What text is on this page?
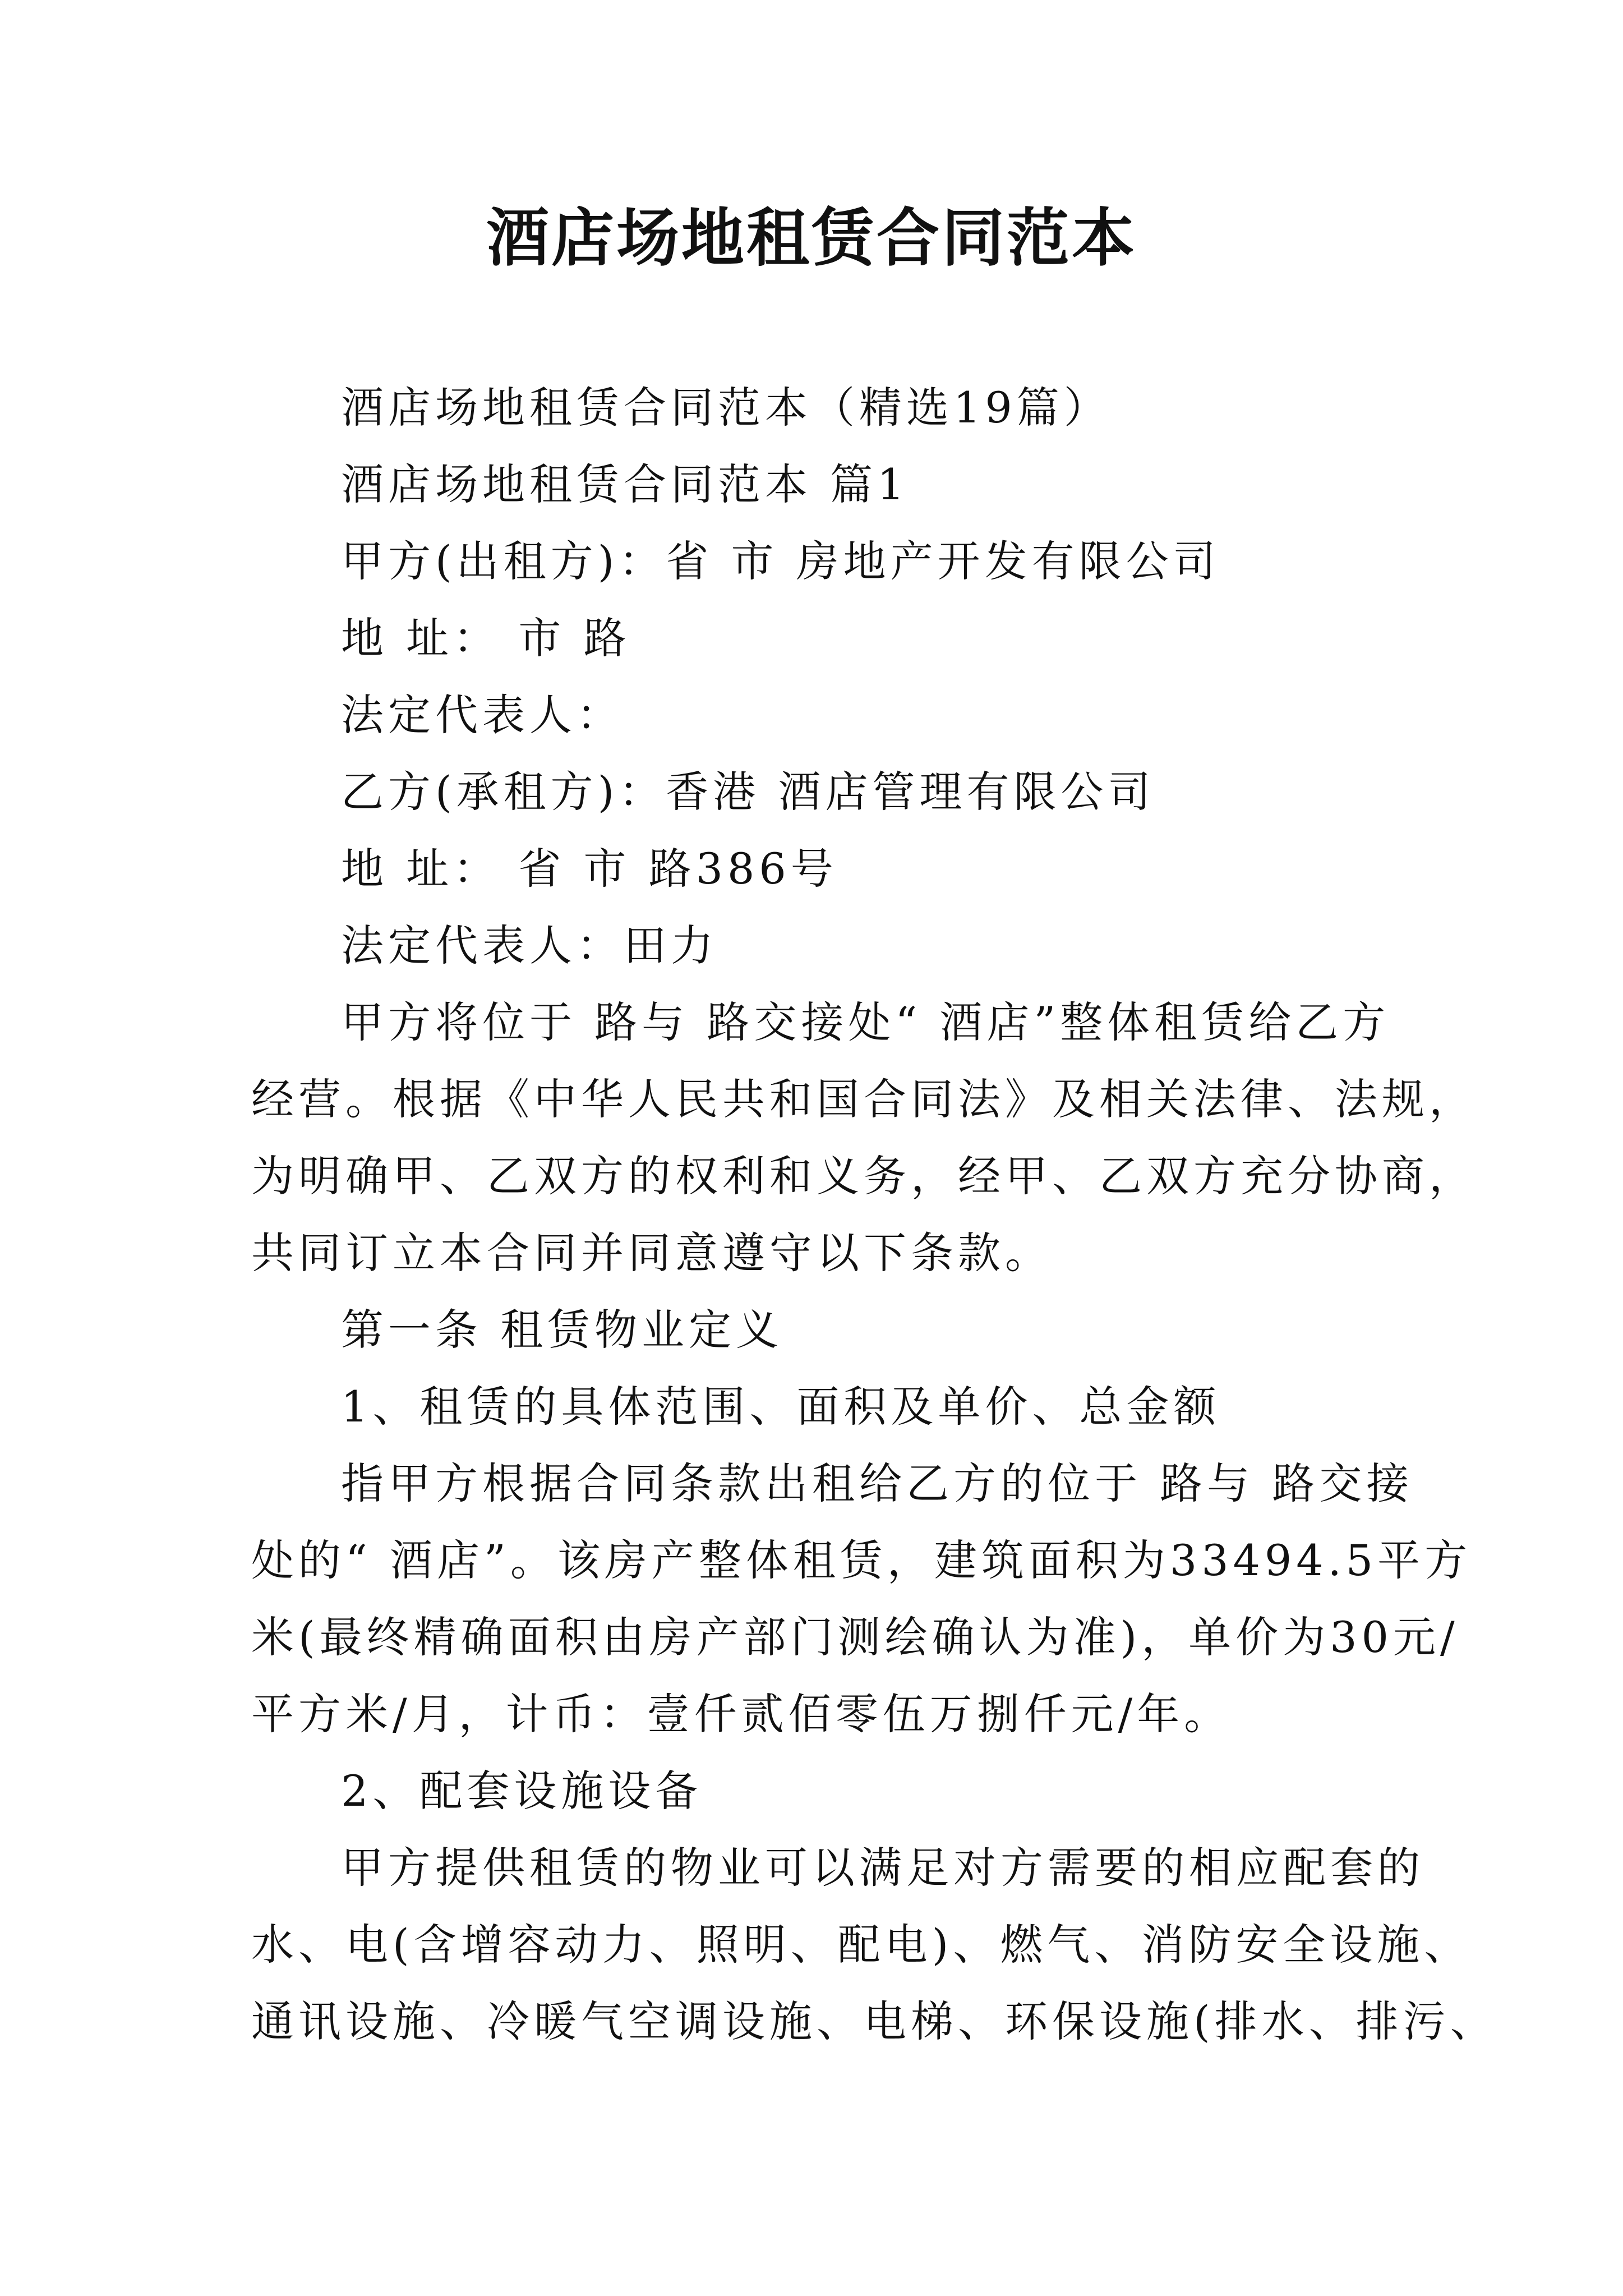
酒店场地租赁合同范本

酒店场地租赁合同范本（精选19篇）

酒店场地租赁合同范本 篇1

甲方(出租方)：省 市 房地产开发有限公司

地 址： 市 路

法定代表人：

乙方(承租方)：香港 酒店管理有限公司

地 址： 省 市 路386号

法定代表人：田力

甲方将位于 路与 路交接处“ 酒店”整体租赁给乙方

经营。根据《中华人民共和国合同法》及相关法律、法规，

为明确甲、乙双方的权利和义务，经甲、乙双方充分协商，

共同订立本合同并同意遵守以下条款。

第一条 租赁物业定义

1、租赁的具体范围、面积及单价、总金额

指甲方根据合同条款出租给乙方的位于 路与 路交接

处的“ 酒店”。该房产整体租赁，建筑面积为33494.5平方

米(最终精确面积由房产部门测绘确认为准)，单价为30元/

平方米/月，计币：壹仟贰佰零伍万捌仟元/年。

2、配套设施设备

甲方提供租赁的物业可以满足对方需要的相应配套的

水、电(含增容动力、照明、配电)、燃气、消防安全设施、

通讯设施、冷暖气空调设施、电梯、环保设施(排水、排污、
